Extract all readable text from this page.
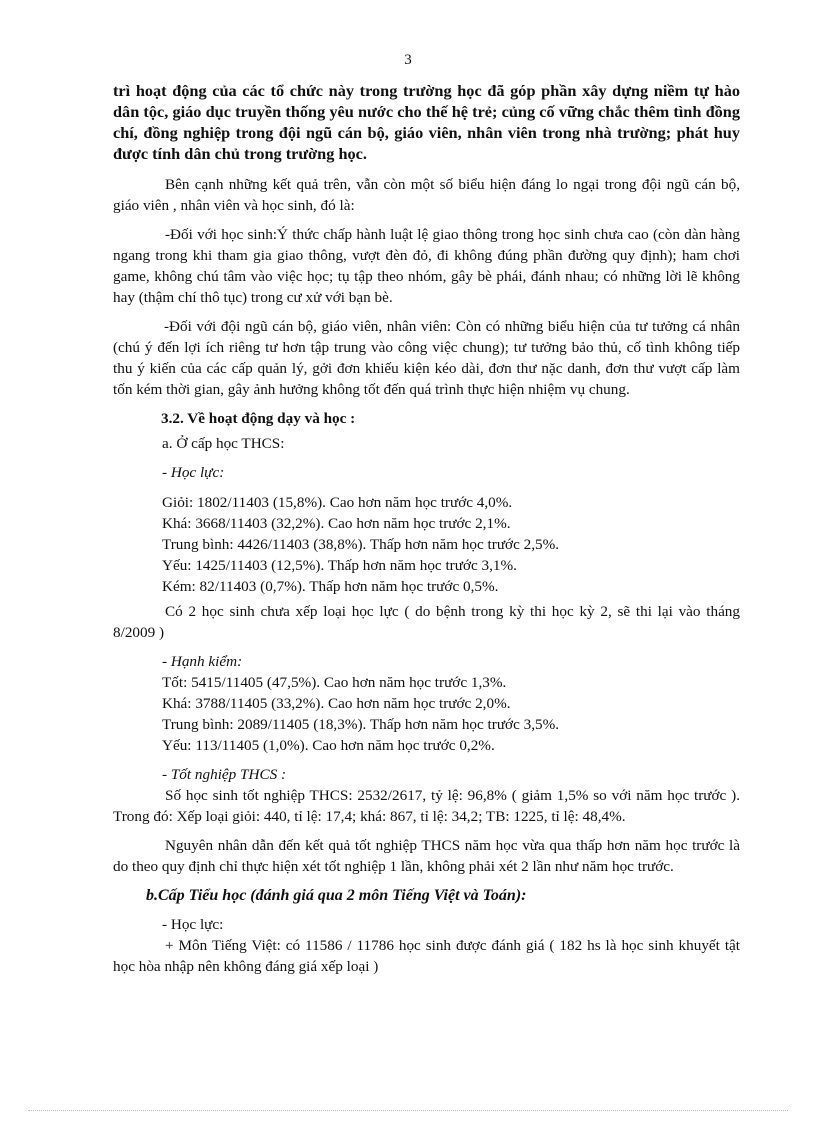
3

trì hoạt động của các tổ chức này trong trường học đã góp phần xây dựng niềm tự hào dân tộc, giáo dục truyền thống yêu nước cho thế hệ trẻ; củng cố vững chắc thêm tình đồng chí, đồng nghiệp trong đội ngũ cán bộ, giáo viên, nhân viên trong nhà trường; phát huy được tính dân chủ trong trường học.

Bên cạnh những kết quả trên, vẫn còn một số biểu hiện đáng lo ngại trong đội ngũ cán bộ, giáo viên , nhân viên và học sinh, đó là:

-Đối với học sinh:Ý thức chấp hành luật lệ giao thông trong học sinh chưa cao (còn dàn hàng ngang trong khi tham gia giao thông, vượt đèn đỏ, đi không đúng phần đường quy định); ham chơi game, không chú tâm vào việc học; tụ tập theo nhóm, gây bè phái, đánh nhau; có những lời lẽ không hay (thậm chí thô tục) trong cư xử với bạn bè.

-Đối với đội ngũ cán bộ, giáo viên, nhân viên: Còn có những biểu hiện của tư tưởng cá nhân (chú ý đến lợi ích riêng tư hơn tập trung vào công việc chung); tư tưởng bảo thủ, cố tình không tiếp thu ý kiến của các cấp quản lý, gởi đơn khiếu kiện kéo dài, đơn thư nặc danh, đơn thư vượt cấp làm tốn kém thời gian, gây ảnh hưởng không tốt đến quá trình thực hiện nhiệm vụ chung.

3.2. Về hoạt động dạy và học :

a. Ở cấp học THCS:

- Học lực:

Giỏi: 1802/11403 (15,8%). Cao hơn năm học trước 4,0%.

Khá: 3668/11403 (32,2%). Cao hơn năm học trước 2,1%.

Trung bình: 4426/11403 (38,8%). Thấp hơn năm học trước 2,5%.

Yếu: 1425/11403 (12,5%). Thấp hơn năm học trước 3,1%.

Kém: 82/11403 (0,7%). Thấp hơn năm học trước 0,5%.

Có 2 học sinh chưa xếp loại học lực ( do bệnh trong kỳ thi học kỳ 2, sẽ thi lại vào tháng 8/2009 )

- Hạnh kiểm:

Tốt: 5415/11405 (47,5%). Cao hơn năm học trước 1,3%.

Khá: 3788/11405 (33,2%). Cao hơn năm học trước 2,0%.

Trung bình: 2089/11405 (18,3%). Thấp hơn năm học trước 3,5%.

Yếu: 113/11405 (1,0%). Cao hơn năm học trước 0,2%.

- Tốt nghiệp THCS :

Số học sinh tốt nghiệp THCS: 2532/2617, tỷ lệ: 96,8% ( giảm 1,5% so với năm học trước ). Trong đó: Xếp loại giỏi: 440, tỉ lệ: 17,4; khá: 867, tỉ lệ: 34,2; TB: 1225, tỉ lệ: 48,4%.

Nguyên nhân dẫn đến kết quả tốt nghiệp THCS năm học vừa qua thấp hơn năm học trước là do theo quy định chỉ thực hiện xét tốt nghiệp 1 lần, không phải xét 2 lần như năm học trước.

b.Cấp Tiểu học (đánh giá qua 2 môn Tiếng Việt và Toán):

- Học lực:

+ Môn Tiếng Việt: có 11586 / 11786 học sinh được đánh giá ( 182 hs là học sinh khuyết tật học hòa nhập nên không đáng giá xếp loại )
